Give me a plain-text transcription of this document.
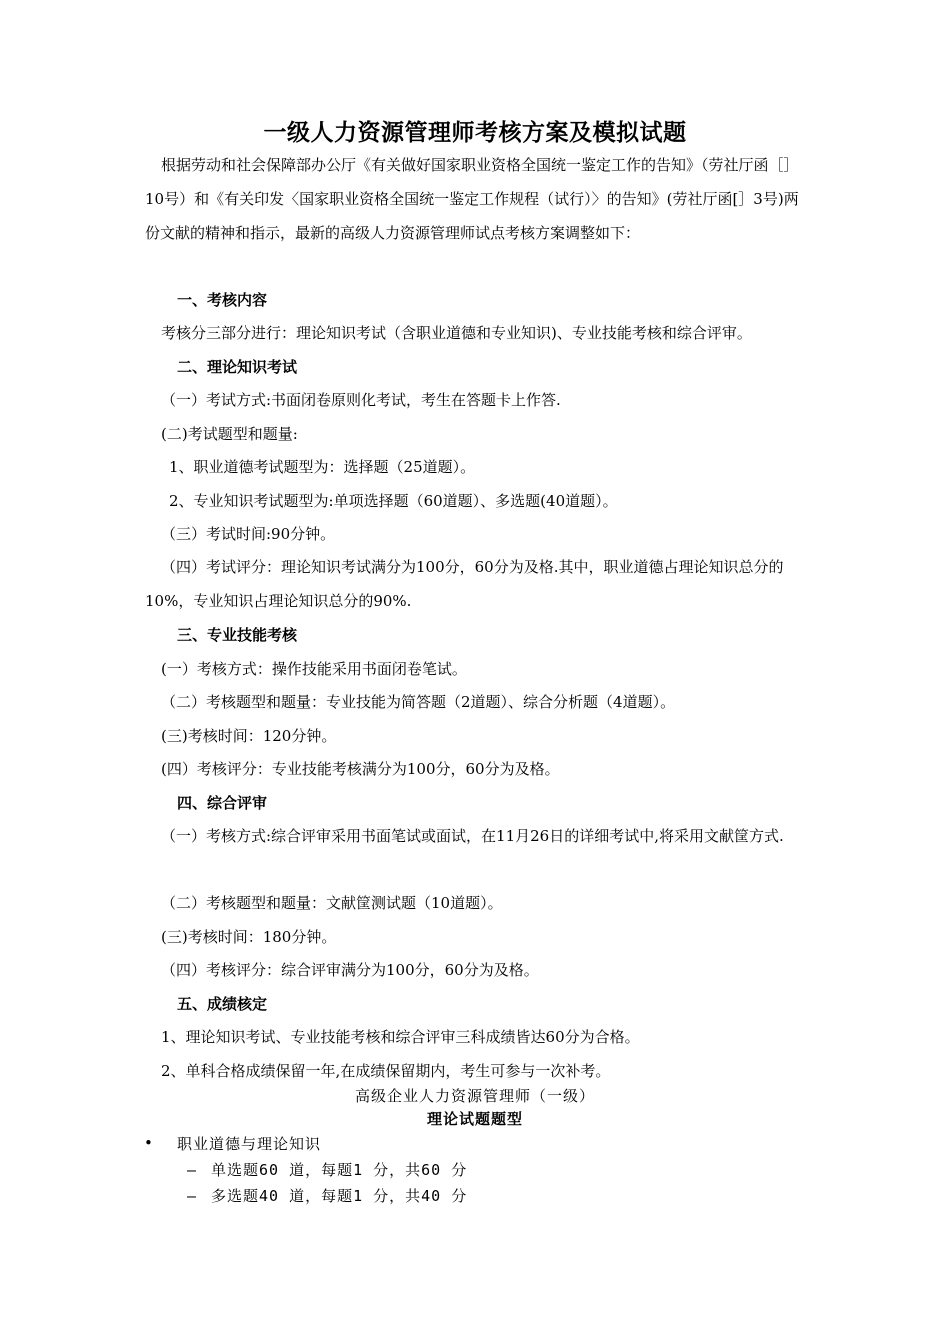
一级人力资源管理师考核方案及模拟试题
根据劳动和社会保障部办公厅《有关做好国家职业资格全国统一鉴定工作的告知》（劳社厅函［］10号）和《有关印发〈国家职业资格全国统一鉴定工作规程（试行）〉的告知》(劳社厅函[］3号)两份文献的精神和指示，最新的高级人力资源管理师试点考核方案调整如下：
一、考核内容
考核分三部分进行：理论知识考试（含职业道德和专业知识)、专业技能考核和综合评审。
二、理论知识考试
（一）考试方式:书面闭卷原则化考试，考生在答题卡上作答.
(二)考试题型和题量:
1、职业道德考试题型为：选择题（25道题）。
2、专业知识考试题型为:单项选择题（60道题）、多选题(40道题）。
（三）考试时间:90分钟。
（四）考试评分：理论知识考试满分为100分，60分为及格.其中，职业道德占理论知识总分的10%，专业知识占理论知识总分的90%.
三、专业技能考核
(一）考核方式：操作技能采用书面闭卷笔试。
（二）考核题型和题量：专业技能为简答题（2道题）、综合分析题（4道题）。
(三)考核时间：120分钟。
(四）考核评分：专业技能考核满分为100分，60分为及格。
四、综合评审
（一）考核方式:综合评审采用书面笔试或面试，在11月26日的详细考试中,将采用文献筐方式.
（二）考核题型和题量：文献筐测试题（10道题）。
(三)考核时间：180分钟。
（四）考核评分：综合评审满分为100分，60分为及格。
五、成绩核定
1、理论知识考试、专业技能考核和综合评审三科成绩皆达60分为合格。
2、单科合格成绩保留一年,在成绩保留期内，考生可参与一次补考。
高级企业人力资源管理师（一级）
理论试题题型
• 职业道德与理论知识
– 单选题60 道，每题1 分，共60 分
– 多选题40 道，每题1 分，共40 分
